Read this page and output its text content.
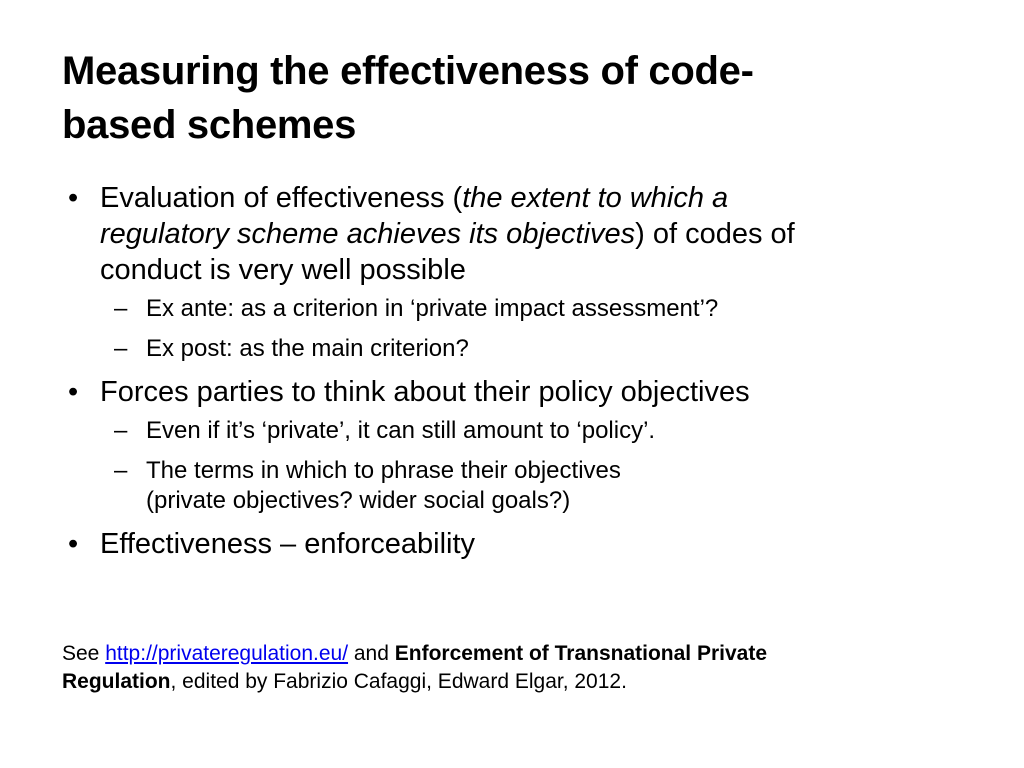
Measuring the effectiveness of code-
based schemes
• Evaluation of effectiveness (the extent to which a
regulatory scheme achieves its objectives) of codes of
conduct is very well possible
– Ex ante: as a criterion in ‘private impact assessment’?
– Ex post: as the main criterion?
• Forces parties to think about their policy objectives
– Even if it’s ‘private’, it can still amount to ‘policy’.
– The terms in which to phrase their objectives
(private objectives? wider social goals?)
• Effectiveness – enforceability
See http://privateregulation.eu/ and Enforcement of Transnational Private
Regulation, edited by Fabrizio Cafaggi, Edward Elgar, 2012.
